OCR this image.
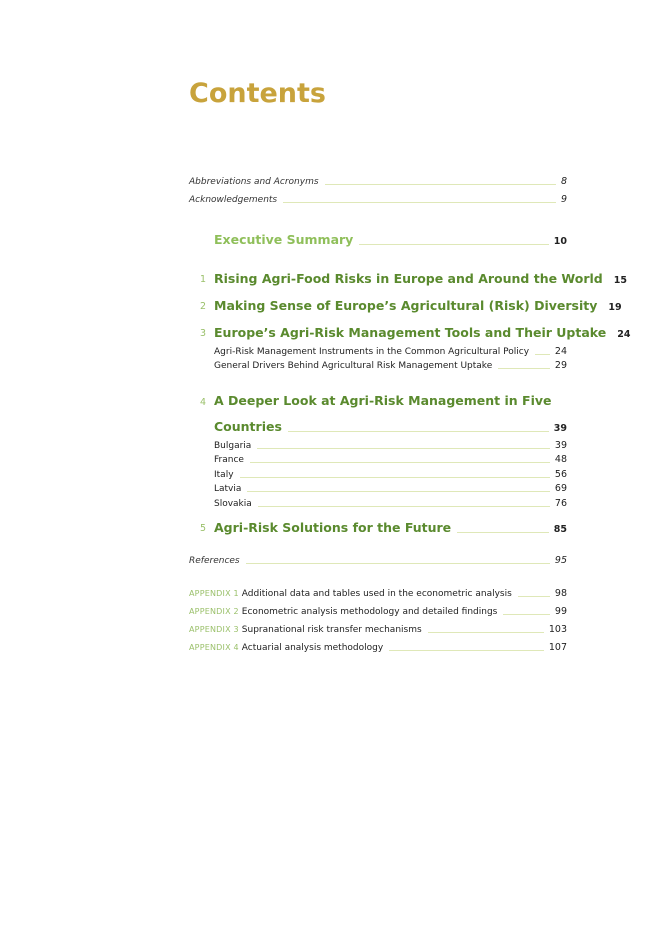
Contents
Abbreviations and Acronyms	8
Acknowledgements	9
Executive Summary	10
1 Rising Agri-Food Risks in Europe and Around the World	15
2 Making Sense of Europe’s Agricultural (Risk) Diversity	19
3 Europe’s Agri-Risk Management Tools and Their Uptake	24
Agri-Risk Management Instruments in the Common Agricultural Policy	24
General Drivers Behind Agricultural Risk Management Uptake	29
4 A Deeper Look at Agri-Risk Management in Five
Countries	39
Bulgaria	39
France	48
Italy	56
Latvia	69
Slovakia	76
5 Agri-Risk Solutions for the Future	85
References	95
APPENDIX 1 Additional data and tables used in the econometric analysis	98
APPENDIX 2 Econometric analysis methodology and detailed findings	99
APPENDIX 3 Supranational risk transfer mechanisms	103
APPENDIX 4 Actuarial analysis methodology	107
